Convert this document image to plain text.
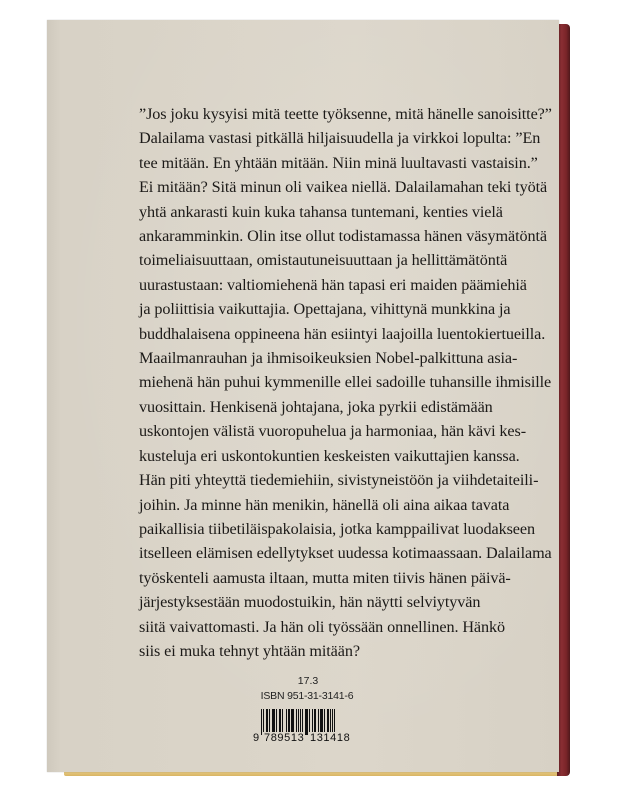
”Jos joku kysyisi mitä teette työksenne, mitä hänelle sanoisitte?”
Dalailama vastasi pitkällä hiljaisuudella ja virkkoi lopulta: ”En
tee mitään. En yhtään mitään. Niin minä luultavasti vastaisin.”
Ei mitään? Sitä minun oli vaikea niellä. Dalailamahan teki työtä
yhtä ankarasti kuin kuka tahansa tuntemani, kenties vielä
ankaramminkin. Olin itse ollut todistamassa hänen väsymätöntä
toimeliaisuuttaan, omistautuneisuuttaan ja hellittämätöntä
uurastustaan: valtiomiehenä hän tapasi eri maiden päämiehiä
ja poliittisia vaikuttajia. Opettajana, vihittynä munkkina ja
buddhalaisena oppineena hän esiintyi laajoilla luentokiertueilla.
Maailmanrauhan ja ihmisoikeuksien Nobel-palkittuna asia-
miehenä hän puhui kymmenille ellei sadoille tuhansille ihmisille
vuosittain. Henkisenä johtajana, joka pyrkii edistämään
uskontojen välistä vuoropuhelua ja harmoniaa, hän kävi kes-
kusteluja eri uskontokuntien keskeisten vaikuttajien kanssa.
Hän piti yhteyttä tiedemiehiin, sivistyneistöön ja viihdetaiteili-
joihin. Ja minne hän menikin, hänellä oli aina aikaa tavata
paikallisia tiibetiläispakolaisia, jotka kamppailivat luodakseen
itselleen elämisen edellytykset uudessa kotimaassaan. Dalailama
työskenteli aamusta iltaan, mutta miten tiivis hänen päivä-
järjestyksestään muodostuikin, hän näytti selviytyvän
siitä vaivattomasti. Ja hän oli työssään onnellinen. Hänkö
siis ei muka tehnyt yhtään mitään?
17.3
ISBN 951-31-3141-6
9 789513 131418
